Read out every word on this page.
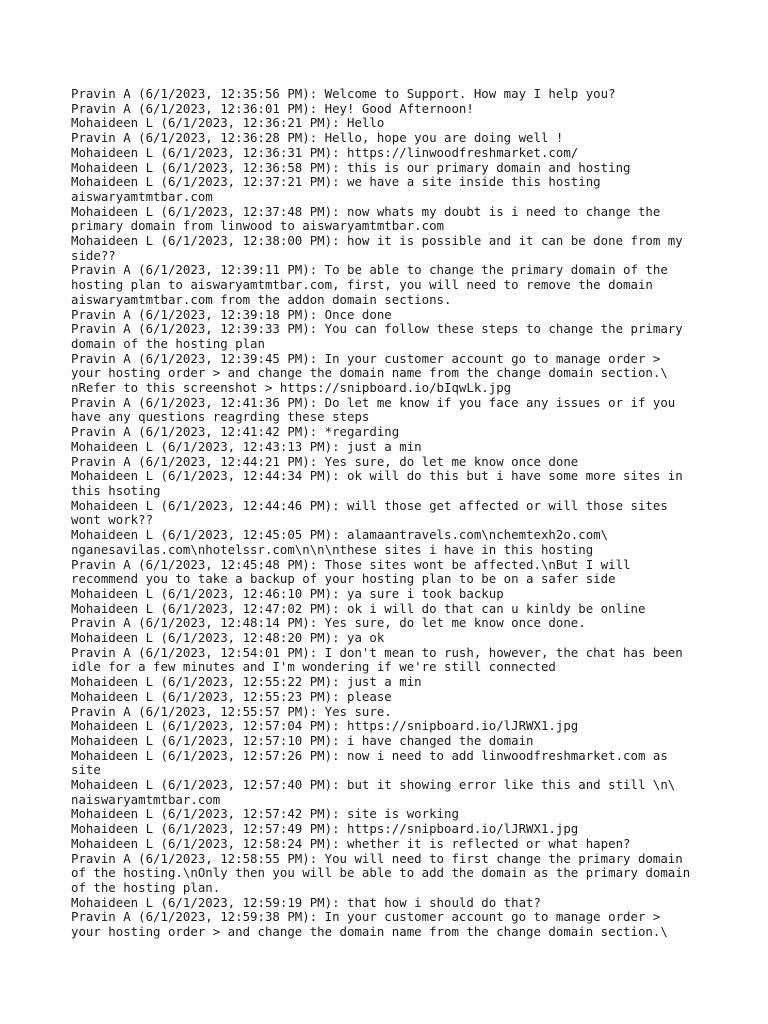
Pravin A (6/1/2023, 12:35:56 PM): Welcome to Support. How may I help you?
Pravin A (6/1/2023, 12:36:01 PM): Hey! Good Afternoon!
Mohaideen L (6/1/2023, 12:36:21 PM): Hello
Pravin A (6/1/2023, 12:36:28 PM): Hello, hope you are doing well !
Mohaideen L (6/1/2023, 12:36:31 PM): https://linwoodfreshmarket.com/
Mohaideen L (6/1/2023, 12:36:58 PM): this is our primary domain and hosting
Mohaideen L (6/1/2023, 12:37:21 PM): we have a site inside this hosting
aiswaryamtmtbar.com
Mohaideen L (6/1/2023, 12:37:48 PM): now whats my doubt is i need to change the
primary domain from linwood to aiswaryamtmtbar.com
Mohaideen L (6/1/2023, 12:38:00 PM): how it is possible and it can be done from my
side??
Pravin A (6/1/2023, 12:39:11 PM): To be able to change the primary domain of the
hosting plan to aiswaryamtmtbar.com, first, you will need to remove the domain
aiswaryamtmtbar.com from the addon domain sections.
Pravin A (6/1/2023, 12:39:18 PM): Once done
Pravin A (6/1/2023, 12:39:33 PM): You can follow these steps to change the primary
domain of the hosting plan
Pravin A (6/1/2023, 12:39:45 PM): In your customer account go to manage order >
your hosting order > and change the domain name from the change domain section.\
nRefer to this screenshot > https://snipboard.io/bIqwLk.jpg
Pravin A (6/1/2023, 12:41:36 PM): Do let me know if you face any issues or if you
have any questions reagrding these steps
Pravin A (6/1/2023, 12:41:42 PM): *regarding
Mohaideen L (6/1/2023, 12:43:13 PM): just a min
Pravin A (6/1/2023, 12:44:21 PM): Yes sure, do let me know once done
Mohaideen L (6/1/2023, 12:44:34 PM): ok will do this but i have some more sites in
this hsoting
Mohaideen L (6/1/2023, 12:44:46 PM): will those get affected or will those sites
wont work??
Mohaideen L (6/1/2023, 12:45:05 PM): alamaantravels.com\nchemtexh2o.com\
nganesavilas.com\nhotelssr.com\n\n\nthese sites i have in this hosting
Pravin A (6/1/2023, 12:45:48 PM): Those sites wont be affected.\nBut I will
recommend you to take a backup of your hosting plan to be on a safer side
Mohaideen L (6/1/2023, 12:46:10 PM): ya sure i took backup
Mohaideen L (6/1/2023, 12:47:02 PM): ok i will do that can u kinldy be online
Pravin A (6/1/2023, 12:48:14 PM): Yes sure, do let me know once done.
Mohaideen L (6/1/2023, 12:48:20 PM): ya ok
Pravin A (6/1/2023, 12:54:01 PM): I don't mean to rush, however, the chat has been
idle for a few minutes and I'm wondering if we're still connected
Mohaideen L (6/1/2023, 12:55:22 PM): just a min
Mohaideen L (6/1/2023, 12:55:23 PM): please
Pravin A (6/1/2023, 12:55:57 PM): Yes sure.
Mohaideen L (6/1/2023, 12:57:04 PM): https://snipboard.io/lJRWX1.jpg
Mohaideen L (6/1/2023, 12:57:10 PM): i have changed the domain
Mohaideen L (6/1/2023, 12:57:26 PM): now i need to add linwoodfreshmarket.com as
site
Mohaideen L (6/1/2023, 12:57:40 PM): but it showing error like this and still \n\
naiswaryamtmtbar.com
Mohaideen L (6/1/2023, 12:57:42 PM): site is working
Mohaideen L (6/1/2023, 12:57:49 PM): https://snipboard.io/lJRWX1.jpg
Mohaideen L (6/1/2023, 12:58:24 PM): whether it is reflected or what hapen?
Pravin A (6/1/2023, 12:58:55 PM): You will need to first change the primary domain
of the hosting.\nOnly then you will be able to add the domain as the primary domain
of the hosting plan.
Mohaideen L (6/1/2023, 12:59:19 PM): that how i should do that?
Pravin A (6/1/2023, 12:59:38 PM): In your customer account go to manage order >
your hosting order > and change the domain name from the change domain section.\
